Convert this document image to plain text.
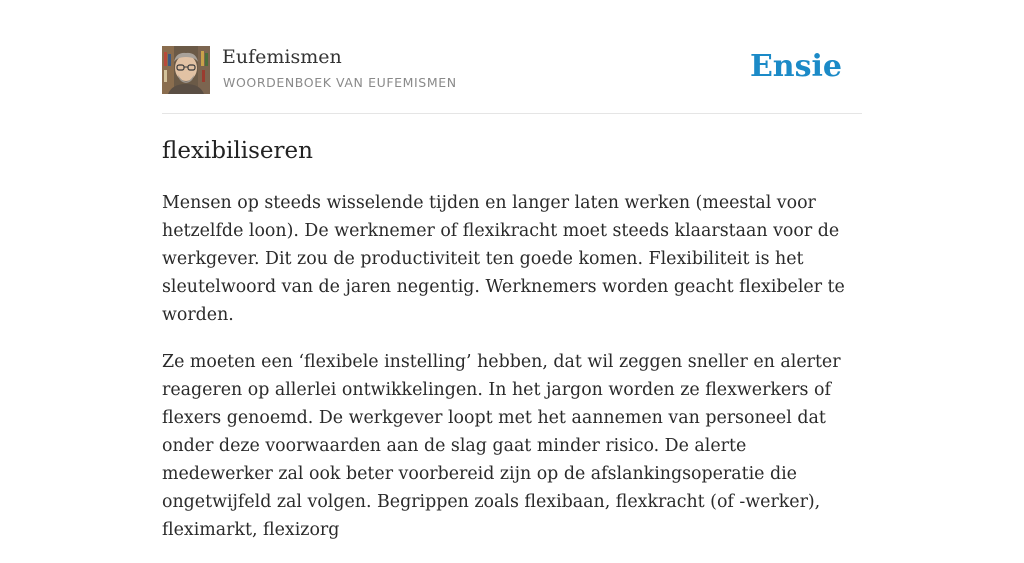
Eufemismen
WOORDENBOEK VAN EUFEMISMEN	Ensie
flexibiliseren

Mensen op steeds wisselende tijden en langer laten werken (meestal voor hetzelfde loon). De werknemer of flexikracht moet steeds klaarstaan voor de werkgever. Dit zou de productiviteit ten goede komen. Flexibiliteit is het sleutelwoord van de jaren negentig. Werknemers worden geacht flexibeler te worden.

Ze moeten een ‘flexibele instelling’ hebben, dat wil zeggen sneller en alerter reageren op allerlei ontwikkelingen. In het jargon worden ze flexwerkers of flexers genoemd. De werkgever loopt met het aannemen van personeel dat onder deze voorwaarden aan de slag gaat minder risico. De alerte medewerker zal ook beter voorbereid zijn op de afslankingsoperatie die ongetwijfeld zal volgen. Begrippen zoals flexibaan, flexkracht (of -werker), fleximarkt, flexizorg
